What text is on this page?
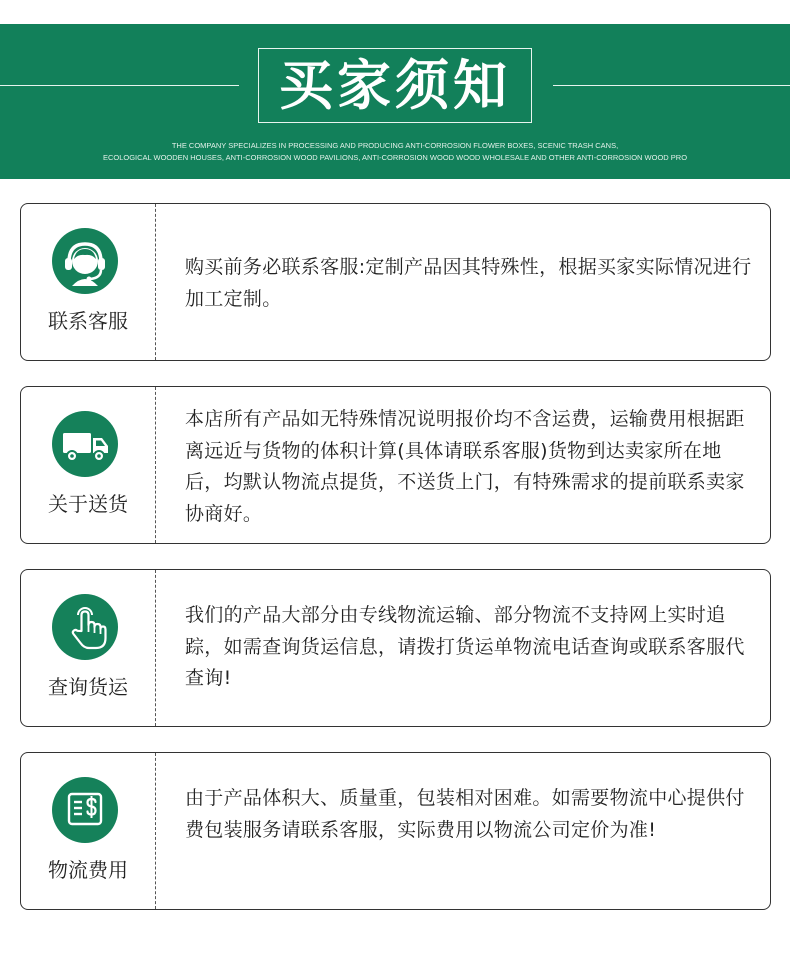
买家须知
THE COMPANY SPECIALIZES IN PROCESSING AND PRODUCING ANTI-CORROSION FLOWER BOXES, SCENIC TRASH CANS,
ECOLOGICAL WOODEN HOUSES, ANTI-CORROSION WOOD PAVILIONS, ANTI-CORROSION WOOD WOOD WHOLESALE AND OTHER ANTI-CORROSION WOOD PRO
联系客服
购买前务必联系客服:定制产品因其特殊性，根据买家实际情况进行加工定制。
关于送货
本店所有产品如无特殊情况说明报价均不含运费，运输费用根据距离远近与货物的体积计算(具体请联系客服)货物到达卖家所在地后，均默认物流点提货，不送货上门，有特殊需求的提前联系卖家协商好。
查询货运
我们的产品大部分由专线物流运输、部分物流不支持网上实时追踪，如需查询货运信息，请拨打货运单物流电话查询或联系客服代查询!
物流费用
由于产品体积大、质量重，包装相对困难。如需要物流中心提供付费包装服务请联系客服，实际费用以物流公司定价为准!
